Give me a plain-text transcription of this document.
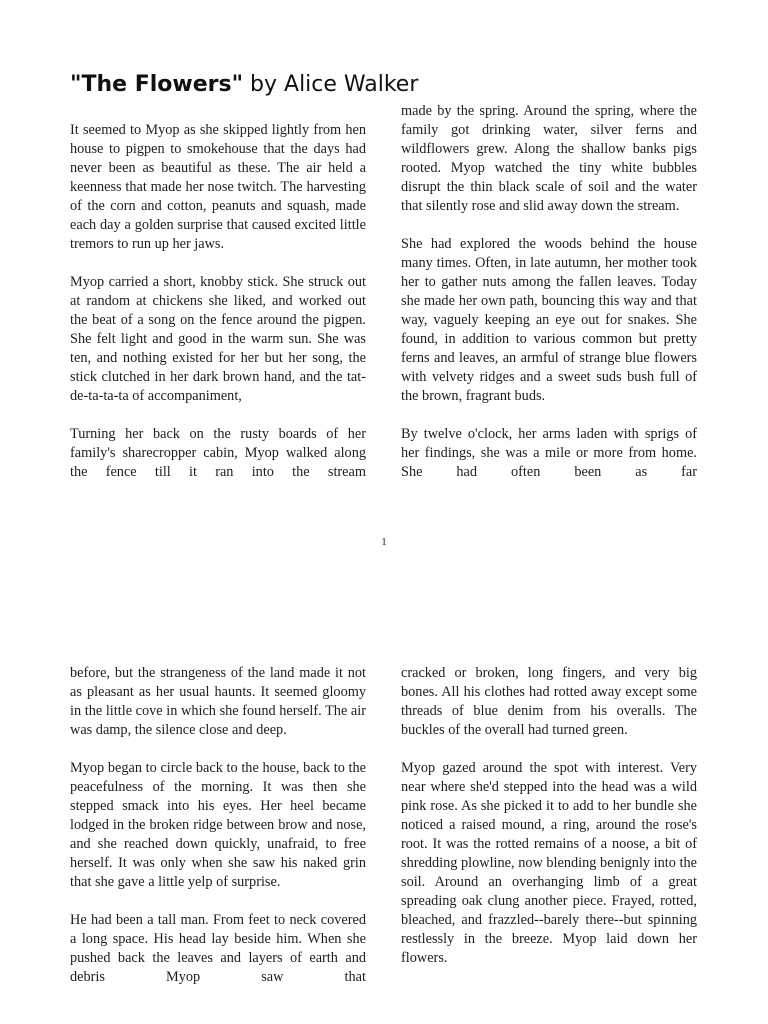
"The Flowers" by Alice Walker

It seemed to Myop as she skipped lightly from hen house to pigpen to smokehouse that the days had never been as beautiful as these. The air held a keenness that made her nose twitch. The harvesting of the corn and cotton, peanuts and squash, made each day a golden surprise that caused excited little tremors to run up her jaws.

Myop carried a short, knobby stick. She struck out at random at chickens she liked, and worked out the beat of a song on the fence around the pigpen. She felt light and good in the warm sun. She was ten, and nothing existed for her but her song, the stick clutched in her dark brown hand, and the tat-de-ta-ta-ta of accompaniment,

Turning her back on the rusty boards of her family's sharecropper cabin, Myop walked along the fence till it ran into the stream

made by the spring. Around the spring, where the family got drinking water, silver ferns and wildflowers grew. Along the shallow banks pigs rooted. Myop watched the tiny white bubbles disrupt the thin black scale of soil and the water that silently rose and slid away down the stream.

She had explored the woods behind the house many times. Often, in late autumn, her mother took her to gather nuts among the fallen leaves. Today she made her own path, bouncing this way and that way, vaguely keeping an eye out for snakes. She found, in addition to various common but pretty ferns and leaves, an armful of strange blue flowers with velvety ridges and a sweet suds bush full of the brown, fragrant buds.

By twelve o'clock, her arms laden with sprigs of her findings, she was a mile or more from home. She had often been as far

1

before, but the strangeness of the land made it not as pleasant as her usual haunts. It seemed gloomy in the little cove in which she found herself. The air was damp, the silence close and deep.

Myop began to circle back to the house, back to the peacefulness of the morning. It was then she stepped smack into his eyes. Her heel became lodged in the broken ridge between brow and nose, and she reached down quickly, unafraid, to free herself. It was only when she saw his naked grin that she gave a little yelp of surprise.

He had been a tall man. From feet to neck covered a long space. His head lay beside him. When she pushed back the leaves and layers of earth and debris Myop saw that

cracked or broken, long fingers, and very big bones. All his clothes had rotted away except some threads of blue denim from his overalls. The buckles of the overall had turned green.

Myop gazed around the spot with interest. Very near where she'd stepped into the head was a wild pink rose. As she picked it to add to her bundle she noticed a raised mound, a ring, around the rose's root. It was the rotted remains of a noose, a bit of shredding plowline, now blending benignly into the soil. Around an overhanging limb of a great spreading oak clung another piece. Frayed, rotted, bleached, and frazzled--barely there--but spinning restlessly in the breeze. Myop laid down her flowers.
